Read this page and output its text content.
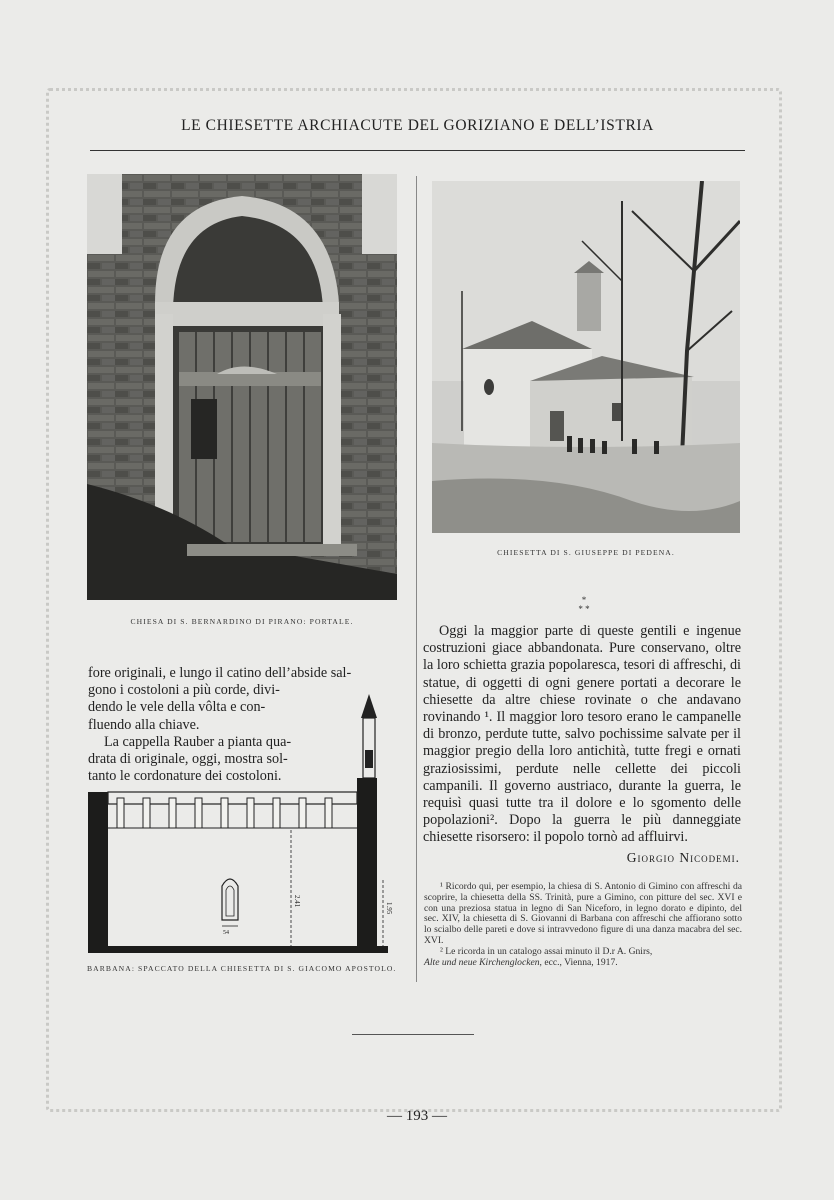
LE CHIESETTE ARCHIACUTE DEL GORIZIANO E DELL’ISTRIA
CHIESA DI S. BERNARDINO DI PIRANO: PORTALE.
CHIESETTA DI S. GIUSEPPE DI PEDENA.

fore originali, e lungo il catino dell’abside sal-
gono i costoloni a più corde, divi-
dendo le vele della vôlta e con-
fluendo alla chiave.

La cappella Rauber a pianta qua-
drata di originale, oggi, mostra sol-
tanto le cordonature dei costoloni.

2.41
1.95
54
BARBANA: SPACCATO DELLA CHIESETTA DI S. GIACOMO APOSTOLO.
*
* *

Oggi la maggior parte di queste gentili e ingenue costruzioni giace abbandonata. Pure conservano, oltre la loro schietta grazia popolaresca, tesori di affreschi, di statue, di oggetti di ogni genere portati a decorare le chiesette da altre chiese rovinate o che andavano rovinando ¹. Il maggior loro tesoro erano le campanelle di bronzo, perdute tutte, salvo pochissime salvate per il maggior pregio della loro antichità, tutte fregi e ornati graziosissimi, perdute nelle cellette dei piccoli campanili. Il governo austriaco, durante la guerra, le requisì quasi tutte tra il dolore e lo sgomento delle popolazioni². Dopo la guerra le più danneggiate chiesette risorsero: il popolo tornò ad affluirvi.

Giorgio Nicodemi.

¹ Ricordo qui, per esempio, la chiesa di S. Antonio di Gimino con affreschi da scoprire, la chiesetta della SS. Trinità, pure a Gimino, con pitture del sec. XVI e con una preziosa statua in legno di San Niceforo, in legno dorato e dipinto, del sec. XIV, la chiesetta di S. Giovanni di Barbana con affreschi che affiorano sotto lo scialbo delle pareti e dove si intravvedono figure di una danza macabra del sec. XVI.

² Le ricorda in un catalogo assai minuto il D.r A. Gnirs,
Alte und neue Kirchenglocken, ecc., Vienna, 1917.

— 193 —
